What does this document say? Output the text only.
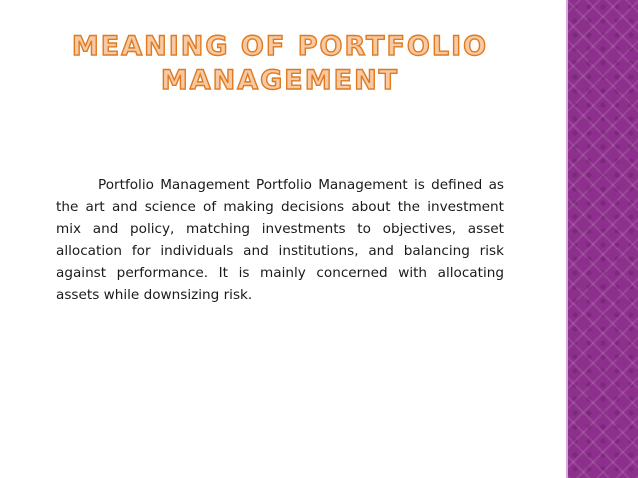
MEANING OF PORTFOLIO
MANAGEMENT

Portfolio Management Portfolio Management is defined as the art and science of making decisions about the investment mix and policy, matching investments to objectives, asset allocation for individuals and institutions, and balancing risk against performance. It is mainly concerned with allocating assets while downsizing risk.
